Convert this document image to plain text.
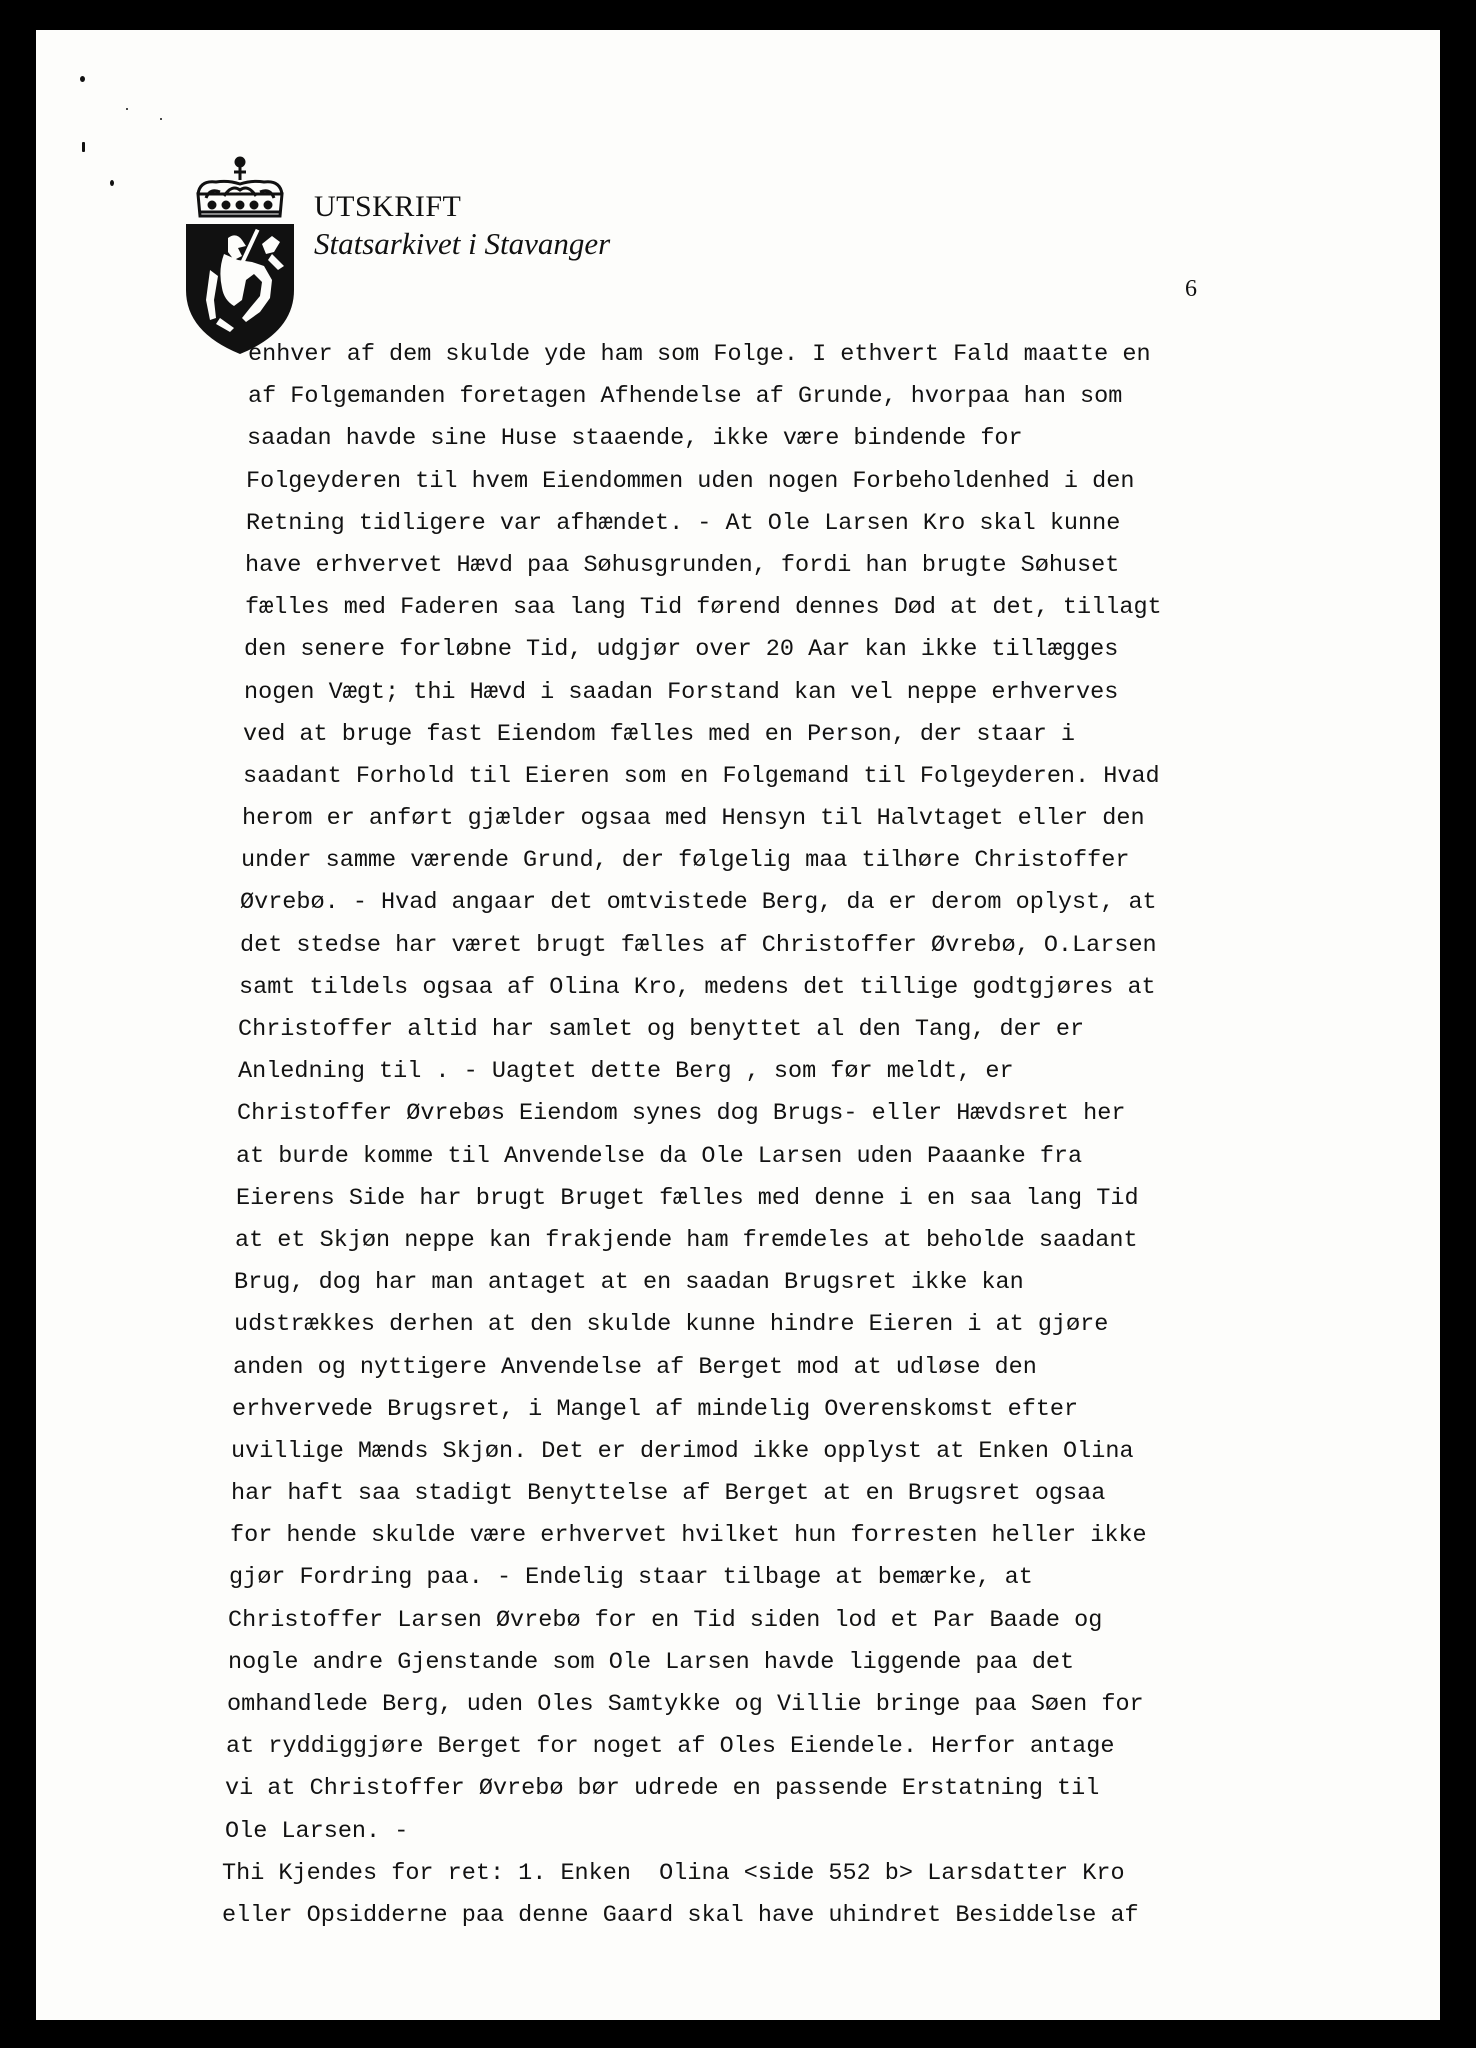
UTSKRIFT
Statsarkivet i Stavanger
6
enhver af dem skulde yde ham som Folge. I ethvert Fald maatte en
af Folgemanden foretagen Afhendelse af Grunde, hvorpaa han som
saadan havde sine Huse staaende, ikke være bindende for
Folgeyderen til hvem Eiendommen uden nogen Forbeholdenhed i den
Retning tidligere var afhændet. - At Ole Larsen Kro skal kunne
have erhvervet Hævd paa Søhusgrunden, fordi han brugte Søhuset
fælles med Faderen saa lang Tid førend dennes Død at det, tillagt
den senere forløbne Tid, udgjør over 20 Aar kan ikke tillægges
nogen Vægt; thi Hævd i saadan Forstand kan vel neppe erhverves
ved at bruge fast Eiendom fælles med en Person, der staar i
saadant Forhold til Eieren som en Folgemand til Folgeyderen. Hvad
herom er anført gjælder ogsaa med Hensyn til Halvtaget eller den
under samme værende Grund, der følgelig maa tilhøre Christoffer
Øvrebø. - Hvad angaar det omtvistede Berg, da er derom oplyst, at
det stedse har været brugt fælles af Christoffer Øvrebø, O.Larsen
samt tildels ogsaa af Olina Kro, medens det tillige godtgjøres at
Christoffer altid har samlet og benyttet al den Tang, der er
Anledning til . - Uagtet dette Berg , som før meldt, er
Christoffer Øvrebøs Eiendom synes dog Brugs- eller Hævdsret her
at burde komme til Anvendelse da Ole Larsen uden Paaanke fra
Eierens Side har brugt Bruget fælles med denne i en saa lang Tid
at et Skjøn neppe kan frakjende ham fremdeles at beholde saadant
Brug, dog har man antaget at en saadan Brugsret ikke kan
udstrækkes derhen at den skulde kunne hindre Eieren i at gjøre
anden og nyttigere Anvendelse af Berget mod at udløse den
erhvervede Brugsret, i Mangel af mindelig Overenskomst efter
uvillige Mænds Skjøn. Det er derimod ikke opplyst at Enken Olina
har haft saa stadigt Benyttelse af Berget at en Brugsret ogsaa
for hende skulde være erhvervet hvilket hun forresten heller ikke
gjør Fordring paa. - Endelig staar tilbage at bemærke, at
Christoffer Larsen Øvrebø for en Tid siden lod et Par Baade og
nogle andre Gjenstande som Ole Larsen havde liggende paa det
omhandlede Berg, uden Oles Samtykke og Villie bringe paa Søen for
at ryddiggjøre Berget for noget af Oles Eiendele. Herfor antage
vi at Christoffer Øvrebø bør udrede en passende Erstatning til
Ole Larsen. -
Thi Kjendes for ret: 1. Enken  Olina <side 552 b> Larsdatter Kro
eller Opsidderne paa denne Gaard skal have uhindret Besiddelse af
